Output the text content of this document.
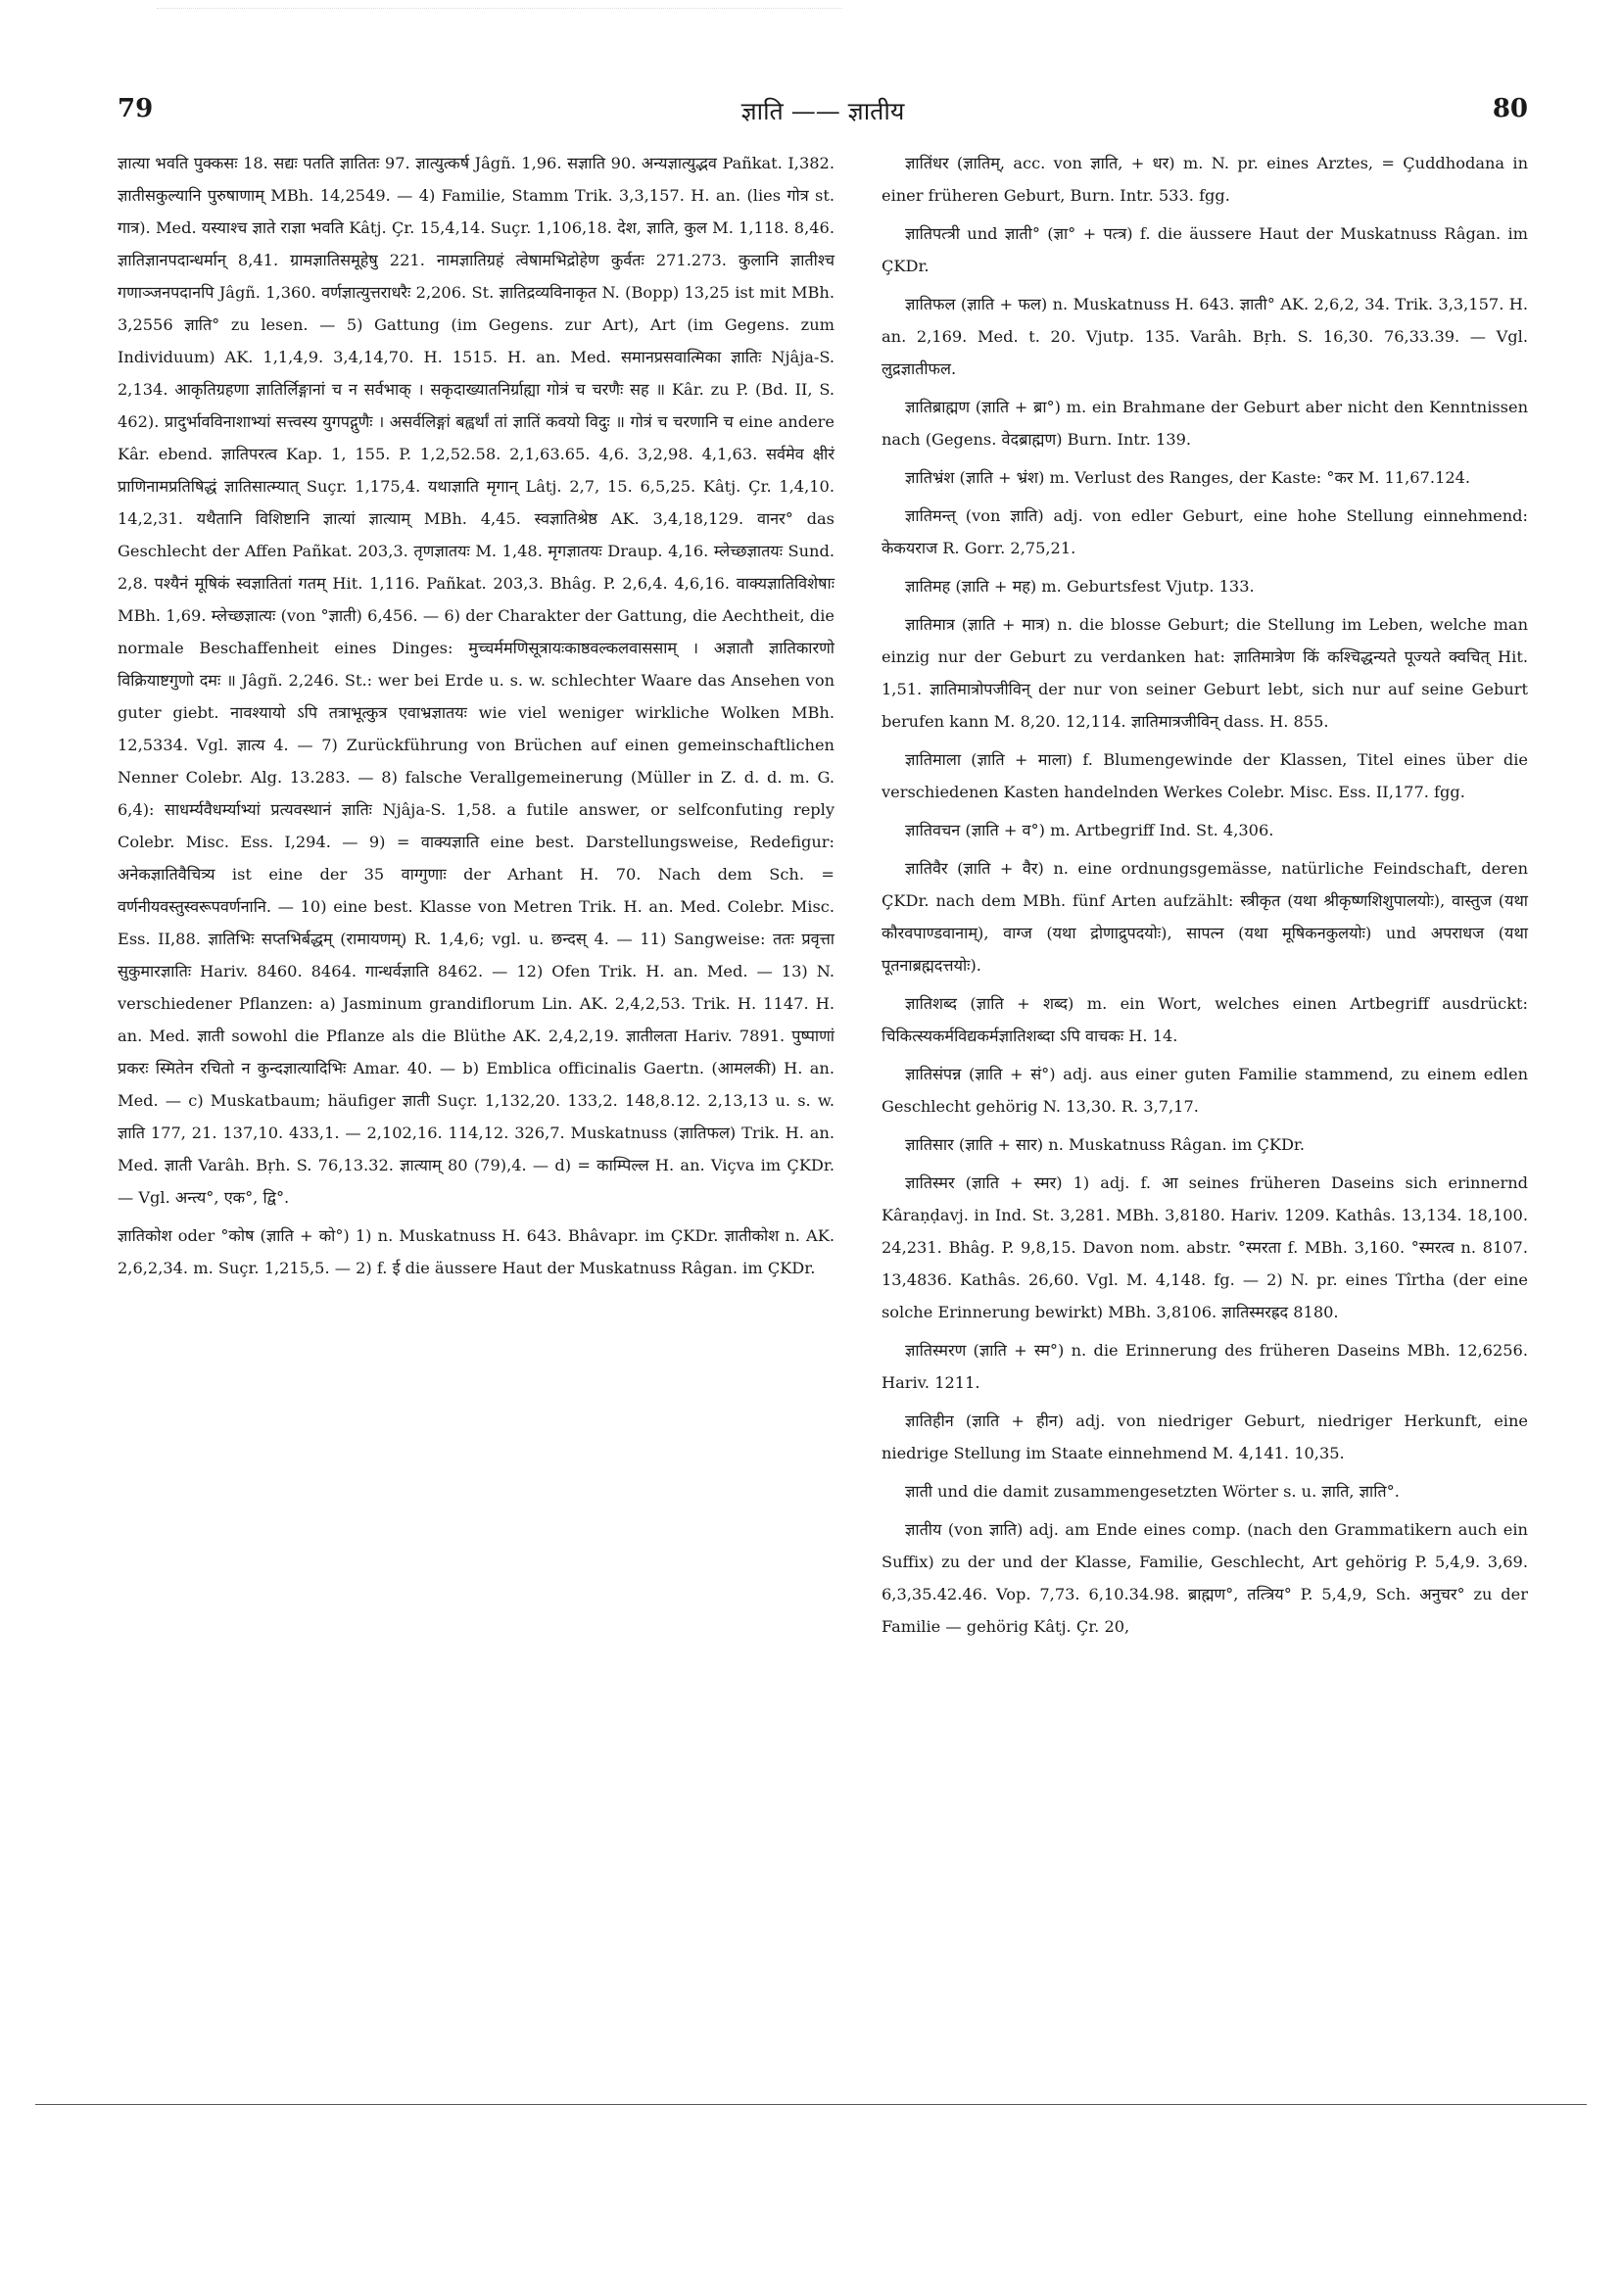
79	ज्ञाति —— ज्ञातीय	80

ज्ञात्या भवति पुक्कसः 18. सद्यः पतति ज्ञातितः 97. ज्ञात्युत्कर्ष Jâgñ. 1,96. सज्ञाति 90. अन्यज्ञात्युद्भव Pañkat. I,382. ज्ञातीसकुल्यानि पुरुषाणाम् MBh. 14,2549. — 4) Familie, Stamm Trik. 3,3,157. H. an. (lies गोत्र st. गात्र). Med. यस्याश्च ज्ञाते राज्ञा भवति Kâtj. Çr. 15,4,14. Suçr. 1,106,18. देश, ज्ञाति, कुल M. 1,118. 8,46. ज्ञातिज्ञानपदान्धर्मान् 8,41. ग्रामज्ञातिसमूहेषु 221. नामज्ञातिग्रहं त्वेषामभिद्रोहेण कुर्वतः 271.273. कुलानि ज्ञातीश्च गणाञ्जनपदानपि Jâgñ. 1,360. वर्णज्ञात्युत्तराधरैः 2,206. St. ज्ञातिद्रव्यविनाकृत N. (Bopp) 13,25 ist mit MBh. 3,2556 ज्ञाति° zu lesen. — 5) Gattung (im Gegens. zur Art), Art (im Gegens. zum Individuum) AK. 1,1,4,9. 3,4,14,70. H. 1515. H. an. Med. समानप्रसवात्मिका ज्ञातिः Njâja-S. 2,134. आकृतिग्रहणा ज्ञातिर्लिङ्गानां च न सर्वभाक् । सकृदाख्यातनिर्ग्राह्या गोत्रं च चरणैः सह ॥ Kâr. zu P. (Bd. II, S. 462). प्रादुर्भावविनाशाभ्यां सत्त्वस्य युगपद्गुणैः । असर्वलिङ्गां बह्वर्थां तां ज्ञातिं कवयो विदुः ॥ गोत्रं च चरणानि च eine andere Kâr. ebend. ज्ञातिपरत्व Kap. 1, 155. P. 1,2,52.58. 2,1,63.65. 4,6. 3,2,98. 4,1,63. सर्वमेव क्षीरं प्राणिनामप्रतिषिद्धं ज्ञातिसात्म्यात् Suçr. 1,175,4. यथाज्ञाति मृगान् Lâtj. 2,7, 15. 6,5,25. Kâtj. Çr. 1,4,10. 14,2,31. यथैतानि विशिष्टानि ज्ञात्यां ज्ञात्याम् MBh. 4,45. स्वज्ञातिश्रेष्ठ AK. 3,4,18,129. वानर° das Geschlecht der Affen Pañkat. 203,3. तृणज्ञातयः M. 1,48. मृगज्ञातयः Draup. 4,16. म्लेच्छज्ञातयः Sund. 2,8. पश्यैनं मूषिकं स्वज्ञातितां गतम् Hit. 1,116. Pañkat. 203,3. Bhâg. P. 2,6,4. 4,6,16. वाक्यज्ञातिविशेषाः MBh. 1,69. म्लेच्छज्ञात्यः (von °ज्ञाती) 6,456. — 6) der Charakter der Gattung, die Aechtheit, die normale Beschaffenheit eines Dinges: मुच्चर्ममणिसूत्रायःकाष्ठवल्कलवाससाम् । अज्ञातौ ज्ञातिकारणो विक्रियाष्टगुणो दमः ॥ Jâgñ. 2,246. St.: wer bei Erde u. s. w. schlechter Waare das Ansehen von guter giebt. नावश्यायो ऽपि तत्राभूत्कुत्र एवाभ्रज्ञातयः wie viel weniger wirkliche Wolken MBh. 12,5334. Vgl. ज्ञात्य 4. — 7) Zurückführung von Brüchen auf einen gemeinschaftlichen Nenner Colebr. Alg. 13.283. — 8) falsche Verallgemeinerung (Müller in Z. d. d. m. G. 6,4): साधर्म्यवैधर्म्याभ्यां प्रत्यवस्थानं ज्ञातिः Njâja-S. 1,58. a futile answer, or selfconfuting reply Colebr. Misc. Ess. I,294. — 9) = वाक्यज्ञाति eine best. Darstellungsweise, Redefigur: अनेकज्ञातिवैचित्र्य ist eine der 35 वाग्गुणाः der Arhant H. 70. Nach dem Sch. = वर्णनीयवस्तुस्वरूपवर्णनानि. — 10) eine best. Klasse von Metren Trik. H. an. Med. Colebr. Misc. Ess. II,88. ज्ञातिभिः सप्तभिर्बद्धम् (रामायणम्) R. 1,4,6; vgl. u. छन्दस् 4. — 11) Sangweise: ततः प्रवृत्ता सुकुमारज्ञातिः Hariv. 8460. 8464. गान्धर्वज्ञाति 8462. — 12) Ofen Trik. H. an. Med. — 13) N. verschiedener Pflanzen: a) Jasminum grandiflorum Lin. AK. 2,4,2,53. Trik. H. 1147. H. an. Med. ज्ञाती sowohl die Pflanze als die Blüthe AK. 2,4,2,19. ज्ञातीलता Hariv. 7891. पुष्पाणां प्रकरः स्मितेन रचितो न कुन्दज्ञात्यादिभिः Amar. 40. — b) Emblica officinalis Gaertn. (आमलकी) H. an. Med. — c) Muskatbaum; häufiger ज्ञाती Suçr. 1,132,20. 133,2. 148,8.12. 2,13,13 u. s. w. ज्ञाति 177, 21. 137,10. 433,1. — 2,102,16. 114,12. 326,7. Muskatnuss (ज्ञातिफल) Trik. H. an. Med. ज्ञाती Varâh. Bṛh. S. 76,13.32. ज्ञात्याम् 80 (79),4. — d) = काम्पिल्ल H. an. Viçva im ÇKDr. — Vgl. अन्त्य°, एक°, द्वि°.

ज्ञातिकोश oder °कोष (ज्ञाति + को°) 1) n. Muskatnuss H. 643. Bhâvapr. im ÇKDr. ज्ञातीकोश n. AK. 2,6,2,34. m. Suçr. 1,215,5. — 2) f. ई die äussere Haut der Muskatnuss Râgan. im ÇKDr.

ज्ञातिंधर (ज्ञातिम्, acc. von ज्ञाति, + धर) m. N. pr. eines Arztes, = Çuddhodana in einer früheren Geburt, Burn. Intr. 533. fgg.

ज्ञातिपत्त्री und ज्ञाती° (ज्ञा° + पत्त्र) f. die äussere Haut der Muskatnuss Râgan. im ÇKDr.

ज्ञातिफल (ज्ञाति + फल) n. Muskatnuss H. 643. ज्ञाती° AK. 2,6,2, 34. Trik. 3,3,157. H. an. 2,169. Med. t. 20. Vjutp. 135. Varâh. Bṛh. S. 16,30. 76,33.39. — Vgl. लुद्रज्ञातीफल.

ज्ञातिब्राह्मण (ज्ञाति + ब्रा°) m. ein Brahmane der Geburt aber nicht den Kenntnissen nach (Gegens. वेदब्राह्मण) Burn. Intr. 139.

ज्ञातिभ्रंश (ज्ञाति + भ्रंश) m. Verlust des Ranges, der Kaste: °कर M. 11,67.124.

ज्ञातिमन्त् (von ज्ञाति) adj. von edler Geburt, eine hohe Stellung einnehmend: केकयराज R. Gorr. 2,75,21.

ज्ञातिमह (ज्ञाति + मह) m. Geburtsfest Vjutp. 133.

ज्ञातिमात्र (ज्ञाति + मात्र) n. die blosse Geburt; die Stellung im Leben, welche man einzig nur der Geburt zu verdanken hat: ज्ञातिमात्रेण किं कश्चिद्धन्यते पूज्यते क्वचित् Hit. 1,51. ज्ञातिमात्रोपजीविन् der nur von seiner Geburt lebt, sich nur auf seine Geburt berufen kann M. 8,20. 12,114. ज्ञातिमात्रजीविन् dass. H. 855.

ज्ञातिमाला (ज्ञाति + माला) f. Blumengewinde der Klassen, Titel eines über die verschiedenen Kasten handelnden Werkes Colebr. Misc. Ess. II,177. fgg.

ज्ञातिवचन (ज्ञाति + व°) m. Artbegriff Ind. St. 4,306.

ज्ञातिवैर (ज्ञाति + वैर) n. eine ordnungsgemässe, natürliche Feindschaft, deren ÇKDr. nach dem MBh. fünf Arten aufzählt: स्त्रीकृत (यथा श्रीकृष्णशिशुपालयोः), वास्तुज (यथा कौरवपाण्डवानाम्), वाग्ज (यथा द्रोणाद्रुपदयोः), सापत्न (यथा मूषिकनकुलयोः) und अपराधज (यथा पूतनाब्रह्मदत्तयोः).

ज्ञातिशब्द (ज्ञाति + शब्द) m. ein Wort, welches einen Artbegriff ausdrückt: चिकित्स्यकर्मविद्यकर्मज्ञातिशब्दा ऽपि वाचकः H. 14.

ज्ञातिसंपन्न (ज्ञाति + सं°) adj. aus einer guten Familie stammend, zu einem edlen Geschlecht gehörig N. 13,30. R. 3,7,17.

ज्ञातिसार (ज्ञाति + सार) n. Muskatnuss Râgan. im ÇKDr.

ज्ञातिस्मर (ज्ञाति + स्मर) 1) adj. f. आ seines früheren Daseins sich erinnernd Kâraṇḍavj. in Ind. St. 3,281. MBh. 3,8180. Hariv. 1209. Kathâs. 13,134. 18,100. 24,231. Bhâg. P. 9,8,15. Davon nom. abstr. °स्मरता f. MBh. 3,160. °स्मरत्व n. 8107. 13,4836. Kathâs. 26,60. Vgl. M. 4,148. fg. — 2) N. pr. eines Tîrtha (der eine solche Erinnerung bewirkt) MBh. 3,8106. ज्ञातिस्मरह्रद 8180.

ज्ञातिस्मरण (ज्ञाति + स्म°) n. die Erinnerung des früheren Daseins MBh. 12,6256. Hariv. 1211.

ज्ञातिहीन (ज्ञाति + हीन) adj. von niedriger Geburt, niedriger Herkunft, eine niedrige Stellung im Staate einnehmend M. 4,141. 10,35.

ज्ञाती und die damit zusammengesetzten Wörter s. u. ज्ञाति, ज्ञाति°.

ज्ञातीय (von ज्ञाति) adj. am Ende eines comp. (nach den Grammatikern auch ein Suffix) zu der und der Klasse, Familie, Geschlecht, Art gehörig P. 5,4,9. 3,69. 6,3,35.42.46. Vop. 7,73. 6,10.34.98. ब्राह्मण°, तत्त्रिय° P. 5,4,9, Sch. अनुचर° zu der Familie — gehörig Kâtj. Çr. 20,
